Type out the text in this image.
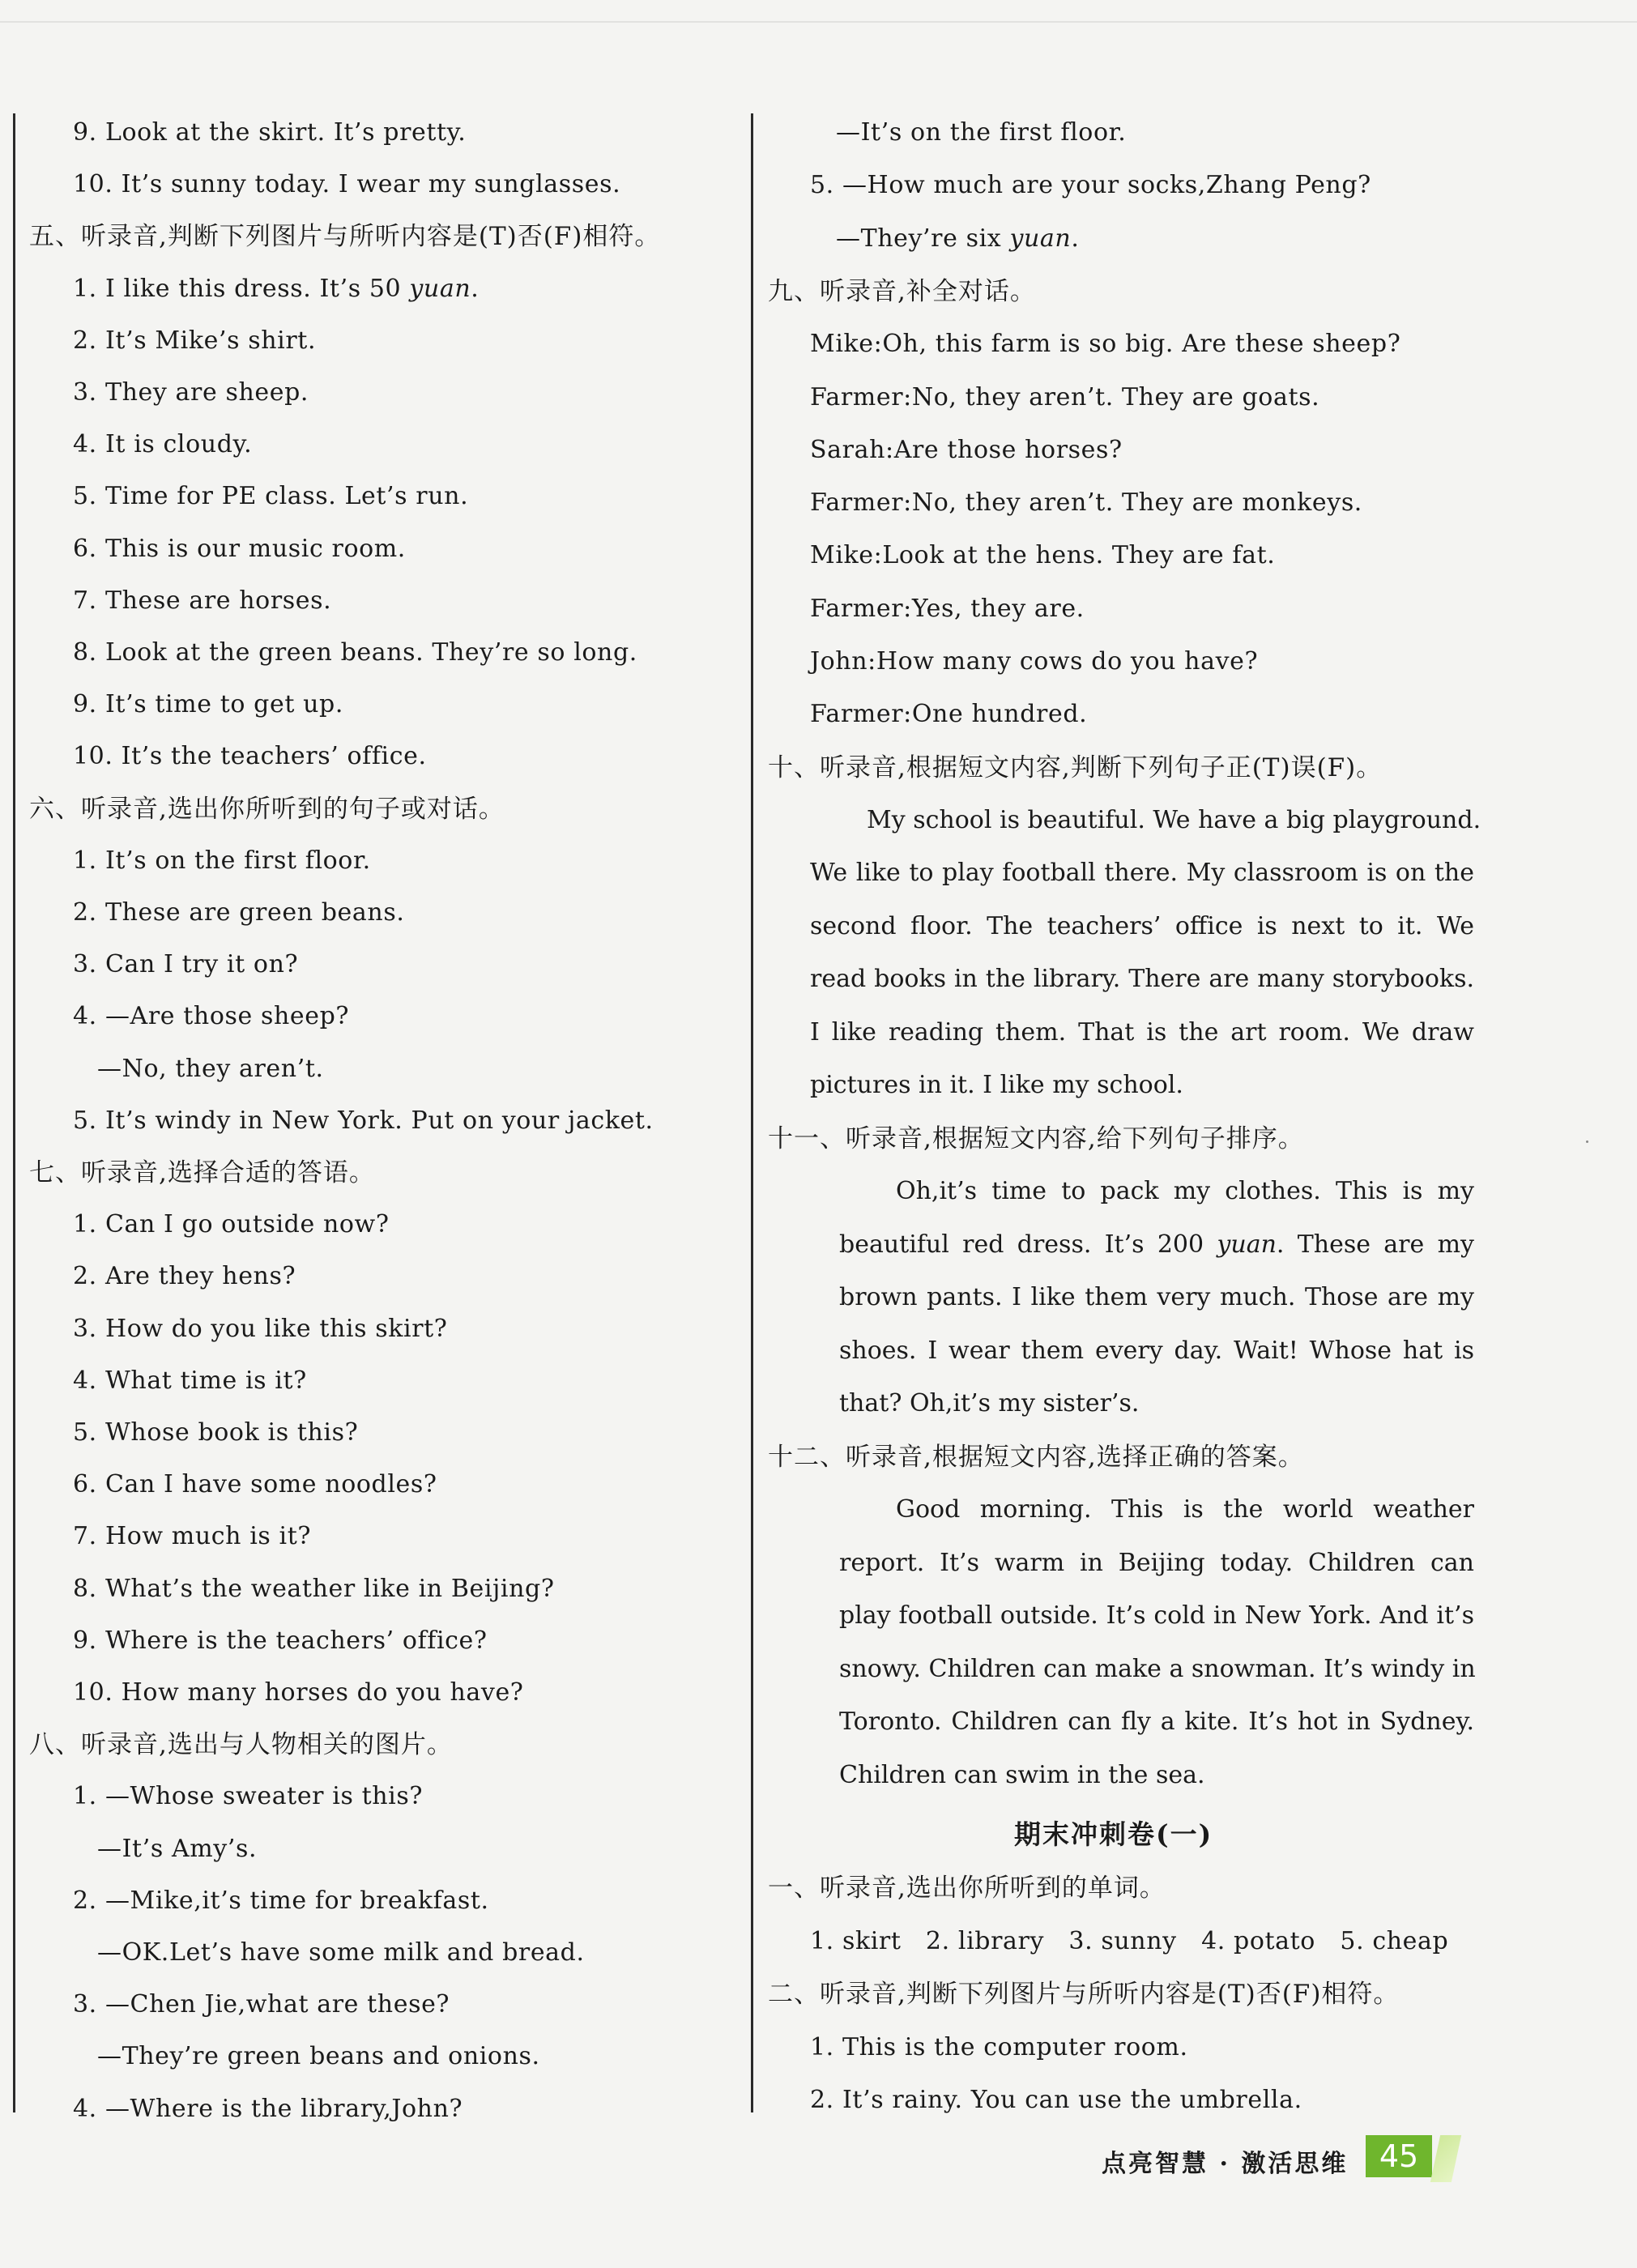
9. Look at the skirt. It’s pretty.
10. It’s sunny today. I wear my sunglasses.
五、听录音,判断下列图片与所听内容是(T)否(F)相符。
1. I like this dress. It’s 50 yuan.
2. It’s Mike’s shirt.
3. They are sheep.
4. It is cloudy.
5. Time for PE class. Let’s run.
6. This is our music room.
7. These are horses.
8. Look at the green beans. They’re so long.
9. It’s time to get up.
10. It’s the teachers’ office.
六、听录音,选出你所听到的句子或对话。
1. It’s on the first floor.
2. These are green beans.
3. Can I try it on?
4. —Are those sheep?
—No, they aren’t.
5. It’s windy in New York. Put on your jacket.
七、听录音,选择合适的答语。
1. Can I go outside now?
2. Are they hens?
3. How do you like this skirt?
4. What time is it?
5. Whose book is this?
6. Can I have some noodles?
7. How much is it?
8. What’s the weather like in Beijing?
9. Where is the teachers’ office?
10. How many horses do you have?
八、听录音,选出与人物相关的图片。
1. —Whose sweater is this?
—It’s Amy’s.
2. —Mike,it’s time for breakfast.
—OK.Let’s have some milk and bread.
3. —Chen Jie,what are these?
—They’re green beans and onions.
4. —Where is the library,John?
—It’s on the first floor.
5. —How much are your socks,Zhang Peng?
—They’re six yuan.
九、听录音,补全对话。
Mike:Oh, this farm is so big. Are these sheep?
Farmer:No, they aren’t. They are goats.
Sarah:Are those horses?
Farmer:No, they aren’t. They are monkeys.
Mike:Look at the hens. They are fat.
Farmer:Yes, they are.
John:How many cows do you have?
Farmer:One hundred.
十、听录音,根据短文内容,判断下列句子正(T)误(F)。
My school is beautiful. We have a big playground.
We like to play football there. My classroom is on the
second floor. The teachers’ office is next to it. We
read books in the library. There are many storybooks.
I like reading them. That is the art room. We draw
pictures in it. I like my school.
十一、听录音,根据短文内容,给下列句子排序。
Oh,it’s time to pack my clothes. This is my
beautiful red dress. It’s 200 yuan. These are my
brown pants. I like them very much. Those are my
shoes. I wear them every day. Wait! Whose hat is
that? Oh,it’s my sister’s.
十二、听录音,根据短文内容,选择正确的答案。
Good morning. This is the world weather
report. It’s warm in Beijing today. Children can
play football outside. It’s cold in New York. And it’s
snowy. Children can make a snowman. It’s windy in
Toronto. Children can fly a kite. It’s hot in Sydney.
Children can swim in the sea.
期末冲刺卷(一)
一、听录音,选出你所听到的单词。
1. skirt   2. library   3. sunny   4. potato   5. cheap
二、听录音,判断下列图片与所听内容是(T)否(F)相符。
1. This is the computer room.
2. It’s rainy. You can use the umbrella.
点亮智慧 · 激活思维	45
